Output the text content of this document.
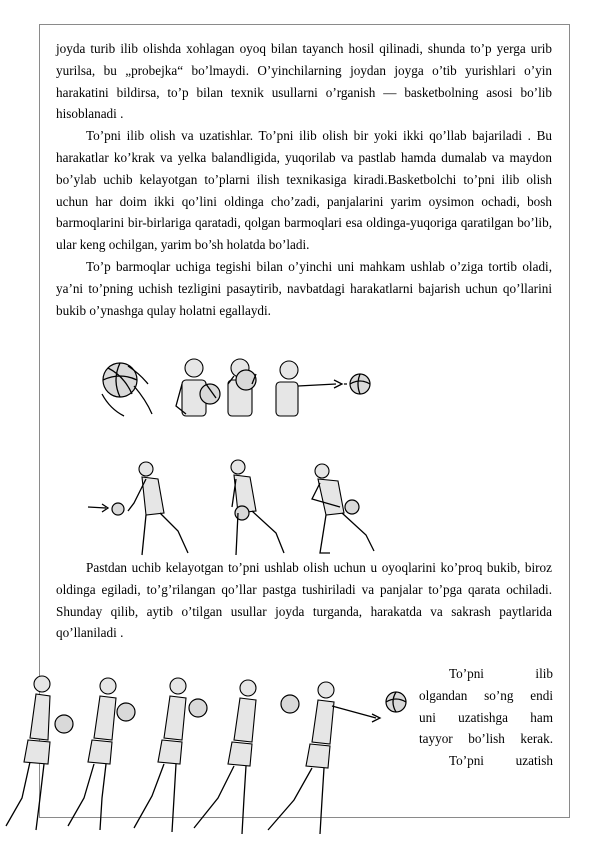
joyda turib ilib olishda xohlagan oyoq bilan tayanch hosil qilinadi, shunda to’p yerga urib yurilsa, bu „probejka“ bo’lmaydi. O’yinchilarning joydan joyga o’tib yurishlari o’yin harakatini bildirsa, to’p bilan texnik usullarni o’rganish — basketbolning asosi bo’lib hisoblanadi .

To’pni ilib olish va uzatishlar. To’pni ilib olish bir yoki ikki qo’llab bajariladi . Bu harakatlar ko’krak va yelka balandligida, yuqorilab va pastlab hamda dumalab va maydon bo’ylab uchib kelayotgan to’plarni ilish texnikasiga kiradi.Basketbolchi to’pni ilib olish uchun har doim ikki qo’lini oldinga cho’zadi, panjalarini yarim oysimon ochadi, bosh barmoqlarini bir-birlariga qaratadi, qolgan barmoqlari esa oldinga-yuqoriga qaratilgan bo’lib, ular keng ochilgan, yarim bo’sh holatda bo’ladi.

To’p barmoqlar uchiga tegishi bilan o’yinchi uni mahkam ushlab o’ziga tortib oladi, ya’ni to’pning uchish tezligini pasaytirib, navbatdagi harakatlarni bajarish uchun qo’llarini bukib o’ynashga qulay holatni egallaydi.

Pastdan uchib kelayotgan to’pni ushlab olish uchun u oyoqlarini ko’proq bukib, biroz oldinga egiladi, to’g’rilangan qo’llar pastga tushiriladi va panjalar to’pga qarata ochiladi. Shunday qilib, aytib o’tilgan usullar joyda turganda, harakatda va sakrash paytlarida qo’llaniladi .

To’pni ilib
olgandan so’ng endi
uni uzatishga ham
tayyor bo’lish kerak.
To’pni uzatish
